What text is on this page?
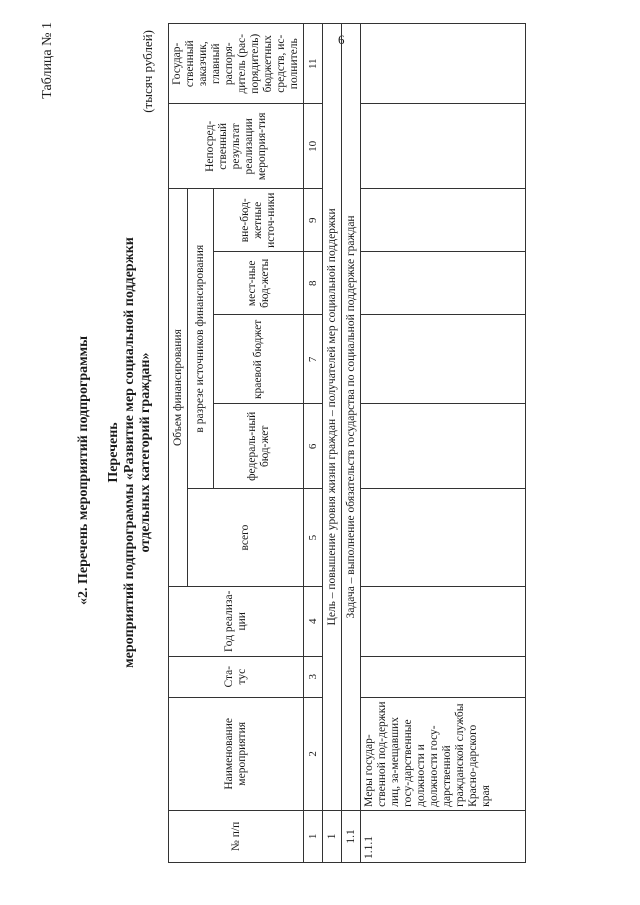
6
Таблица № 1
«2. Перечень мероприятий подпрограммы Перечень мероприятий подпрограммы «Развитие мер социальной поддержки отдельных категорий граждан»
(тысяч рублей)
№ п/п	Наименование мероприятия	Ста-тус	Год реализа-ции	Объем финансирования					Непосред-ственный результат реализации мероприя-тия	Государ-ственный заказчик, главный распоря-дитель (рас-порядитель) бюджетных средств, ис-полнитель
				всего	в разрезе источников финансирования					
					федераль-ный бюд-жет	краевой бюджет	мест-ные бюд-жеты	вне-бюд-жетные источ-ники		
1	2	3	4	5	6	7	8	9	10	11
1	Цель – повышение уровня жизни граждан – получателей мер социальной поддержки									
1.1	Задача – выполнение обязательств государства по социальной поддержке граждан									
1.1.1	Меры государ-ственной под-держки лиц, за-мещавших госу-дарственные должности и должности госу-дарственной гражданской службы Красно-дарского края									
